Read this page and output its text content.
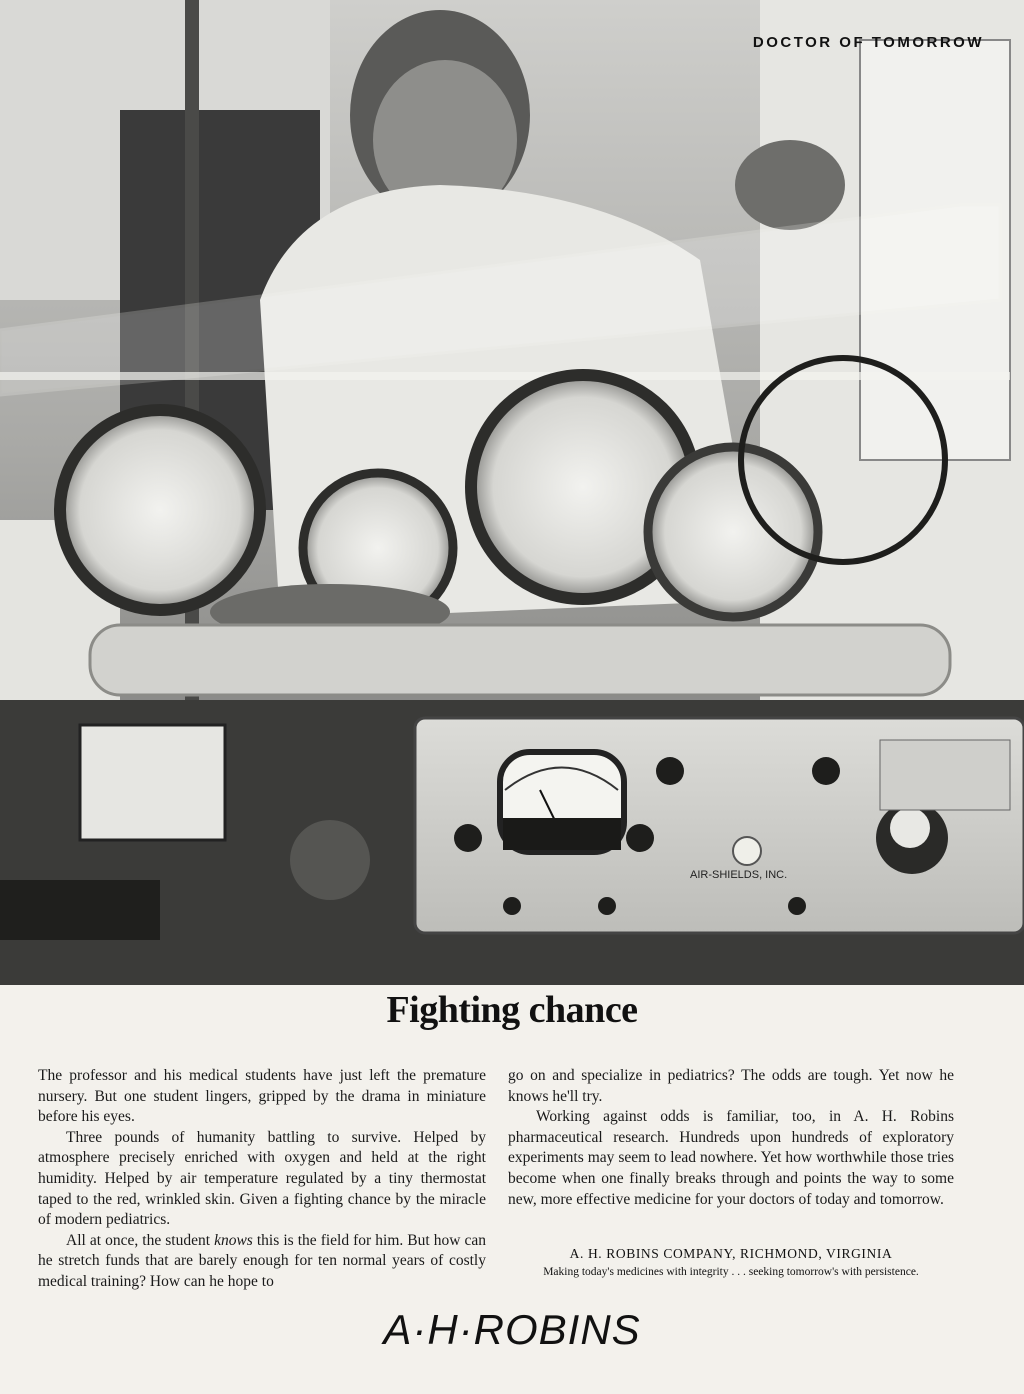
AIR-SHIELDS, INC.
DOCTOR OF TOMORROW
Fighting chance

The professor and his medical students have just left the premature nursery. But one student lingers, gripped by the drama in miniature before his eyes.

Three pounds of humanity battling to survive. Helped by atmosphere precisely enriched with oxygen and held at the right humidity. Helped by air temperature regulated by a tiny thermostat taped to the red, wrinkled skin. Given a fighting chance by the miracle of modern pediatrics.

All at once, the student knows this is the field for him. But how can he stretch funds that are barely enough for ten normal years of costly medical training? How can he hope to

go on and specialize in pediatrics? The odds are tough. Yet now he knows he'll try.

Working against odds is familiar, too, in A. H. Robins pharmaceutical research. Hundreds upon hundreds of exploratory experiments may seem to lead nowhere. Yet how worthwhile those tries become when one finally breaks through and points the way to some new, more effective medicine for your doctors of today and tomorrow.

A. H. ROBINS COMPANY, RICHMOND, VIRGINIA
Making today's medicines with integrity . . . seeking tomorrow's with persistence.
A·H·ROBINS
